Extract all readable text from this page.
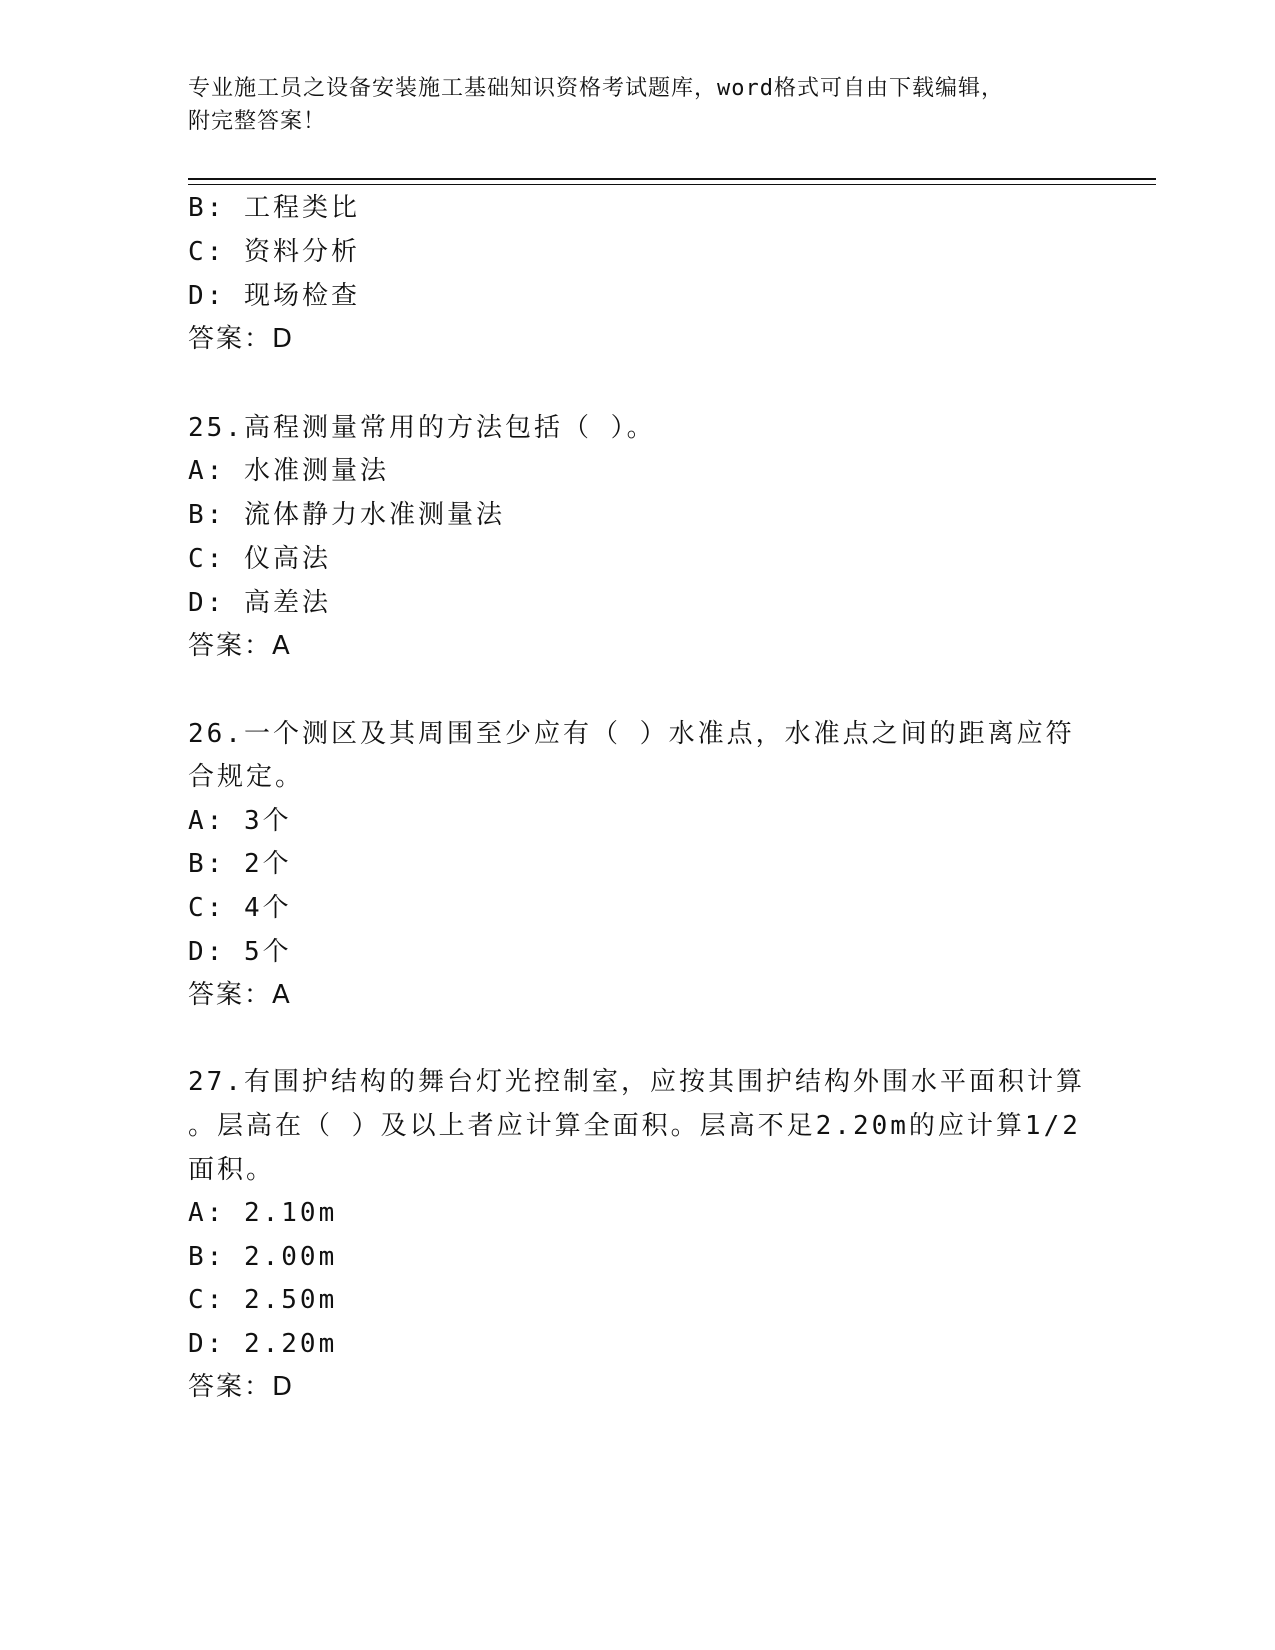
专业施工员之设备安装施工基础知识资格考试题库，word格式可自由下载编辑，
附完整答案！
B: 工程类比
C: 资料分析
D: 现场检查
答案：D
25.高程测量常用的方法包括（ ）。
A: 水准测量法
B: 流体静力水准测量法
C: 仪高法
D: 高差法
答案：A
26.一个测区及其周围至少应有（ ）水准点，水准点之间的距离应符
合规定。
A: 3个
B: 2个
C: 4个
D: 5个
答案：A
27.有围护结构的舞台灯光控制室，应按其围护结构外围水平面积计算
。层高在（ ）及以上者应计算全面积。层高不足2.20m的应计算1/2
面积。
A: 2.10m
B: 2.00m
C: 2.50m
D: 2.20m
答案：D
